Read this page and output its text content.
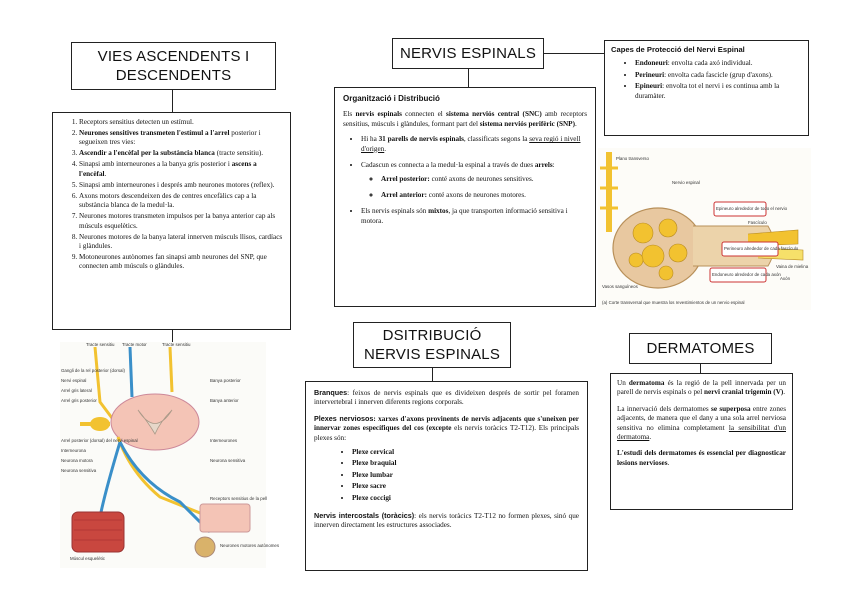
VIES ASCENDENTS I DESCENDENTS
1. Receptors sensitius detecten un estímul.
2. Neurones sensitives transmeten l'estímul a l'arrel posterior i segueixen tres vies:
3. Ascendir a l'encèfal per la substància blanca (tracte sensitiu).
4. Sinapsi amb interneurones a la banya gris posterior i ascens a l'encèfal.
5. Sinapsi amb interneurones i després amb neurones motores (reflex).
6. Axons motors descendeixen des de centres encefàlics cap a la substància blanca de la medul·la.
7. Neurones motores transmeten impulsos per la banya anterior cap als músculs esquelètics.
8. Neurones motores de la banya lateral innerven músculs llisos, cardíacs i glàndules.
9. Motoneurones autònomes fan sinapsi amb neurones del SNP, que connecten amb músculs o glàndules.
Tracte sensitiu Tracte motor	Tracte sensitiu
Gangli de la rel posterior (dorsal)
Nervi espinal
Arrel gris lateral
Arrel gris posterior
Arrel posterior (dorsal) del nervi espinal
Interneurona
Neurona motora
Neurona sensitiva
Banya posterior
Banya anterior
Interneurones
Neurona sensitiva
Receptors sensitius de la pell
Neurones motores autònomes
Múscul esquelètic
NERVIS ESPINALS
Organització i Distribució

Els nervis espinals connecten el sistema nerviós central (SNC) amb receptors sensitius, músculs i glàndules, formant part del sistema nerviós perifèric (SNP).

• Hi ha 31 parells de nervis espinals, classificats segons la seva regió i nivell d'origen.
• Cadascun es connecta a la medul·la espinal a través de dues arrels:
◦ Arrel posterior: conté axons de neurones sensitives.
◦ Arrel anterior: conté axons de neurones motores.
• Els nervis espinals són mixtos, ja que transporten informació sensitiva i motora.
DSITRIBUCIÓ NERVIS ESPINALS

Branques: feixos de nervis espinals que es divideixen després de sortir pel foramen intervertebral i innerven diferents regions corporals.

Plexes nerviosos: xarxes d'axons provinents de nervis adjacents que s'uneixen per innervar zones específiques del cos (excepte els nervis toràcics T2-T12). Els principals plexes són:

• Plexe cervical
• Plexe braquial
• Plexe lumbar
• Plexe sacre
• Plexe coccigi

Nervis intercostals (toràcics): els nervis toràcics T2-T12 no formen plexes, sinó que innerven directament les estructures associades.

Capes de Protecció del Nervi Espinal
• Endoneuri: envolta cada axó individual.
• Perineuri: envolta cada fascicle (grup d'axons).
• Epineuri: envolta tot el nervi i es continua amb la duramàter.
Plano transverso
Nervio espinal
Epineuro alrededor de todo el nervio
Fascículo
Perineuro alrededor de cada fascículo
Vasos sanguíneos
Vaina de mielina
Endoneuro alrededor de cada axón
Axón
(a) Corte transversal que muestra los revestimientos de un nervio espinal
DERMATOMES

Un dermatoma és la regió de la pell innervada per un parell de nervis espinals o pel nervi cranial trigemin (V).

La innervació dels dermatomes se superposa entre zones adjacents, de manera que el dany a una sola arrel nerviosa sensitiva no elimina completament la sensibilitat d'un dermatoma.

L'estudi dels dermatomes és essencial per diagnosticar lesions nervioses.
